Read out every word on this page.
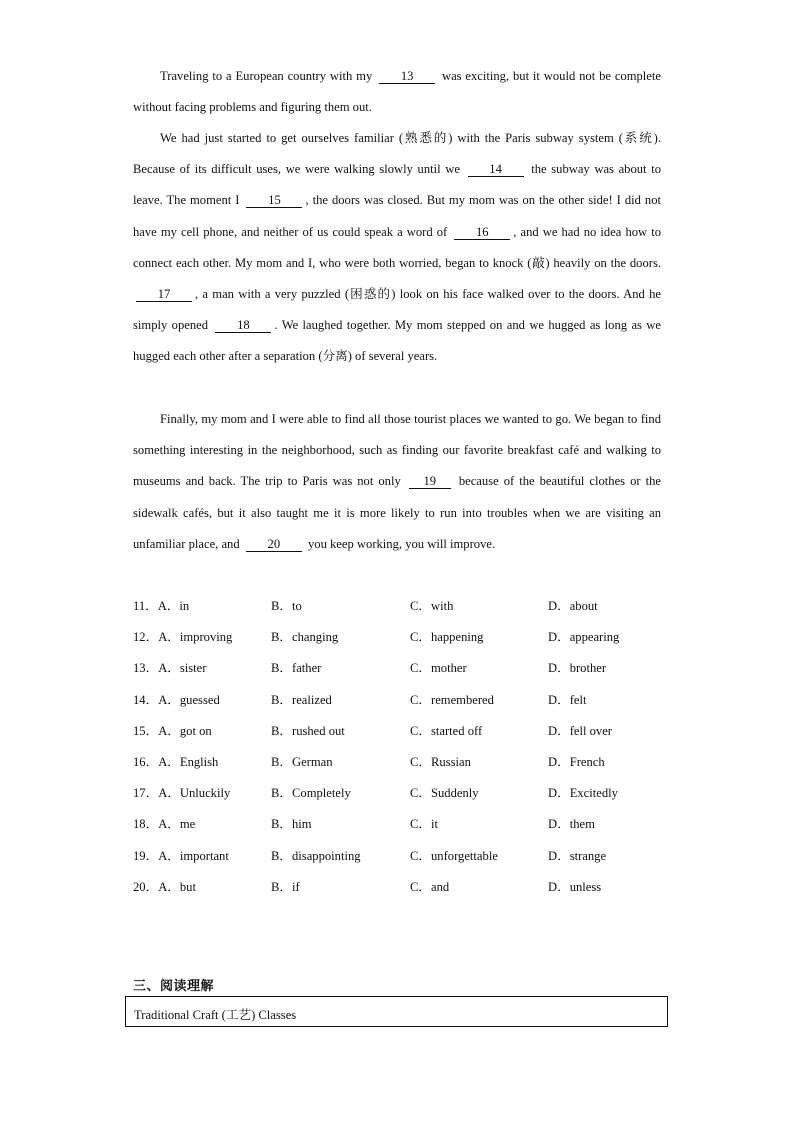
Traveling to a European country with my 13 was exciting, but it would not be complete without facing problems and figuring them out.

We had just started to get ourselves familiar (熟悉的) with the Paris subway system (系统). Because of its difficult uses, we were walking slowly until we 14 the subway was about to leave. The moment I 15 , the doors was closed. But my mom was on the other side! I did not have my cell phone, and neither of us could speak a word of 16 , and we had no idea how to connect each other. My mom and I, who were both worried, began to knock (敲) heavily on the doors. 17 , a man with a very puzzled (困惑的) look on his face walked over to the doors. And he simply opened 18 . We laughed together. My mom stepped on and we hugged as long as we hugged each other after a separation (分离) of several years.

Finally, my mom and I were able to find all those tourist places we wanted to go. We began to find something interesting in the neighborhood, such as finding our favorite breakfast café and walking to museums and back. The trip to Paris was not only 19 because of the beautiful clothes or the sidewalk cafés, but it also taught me it is more likely to run into troubles when we are visiting an unfamiliar place, and 20 you keep working, you will improve.

11．A．in	B．to	C．with	D．about
12．A．improving	B．changing	C．happening	D．appearing
13．A．sister	B．father	C．mother	D．brother
14．A．guessed	B．realized	C．remembered	D．felt
15．A．got on	B．rushed out	C．started off	D．fell over
16．A．English	B．German	C．Russian	D．French
17．A．Unluckily	B．Completely	C．Suddenly	D．Excitedly
18．A．me	B．him	C．it	D．them
19．A．important	B．disappointing	C．unforgettable	D．strange
20．A．but	B．if	C．and	D．unless
三、阅读理解
Traditional Craft (工艺) Classes
